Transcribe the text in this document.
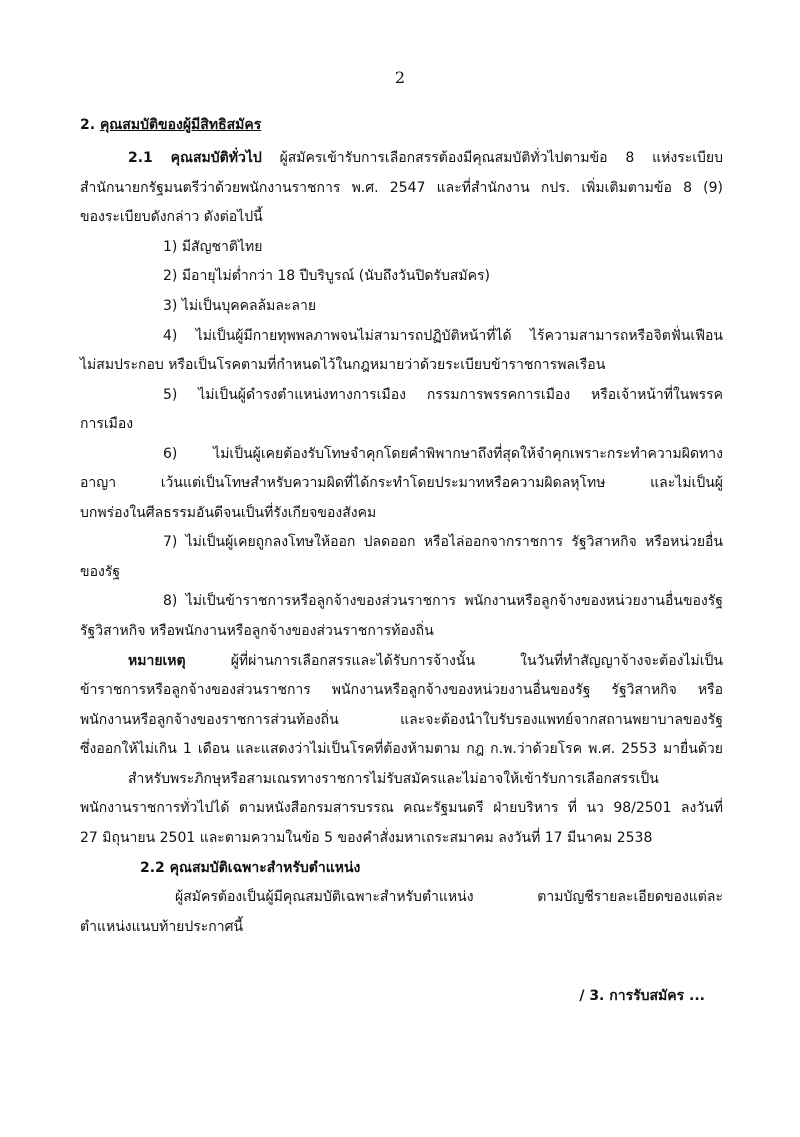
2
2. คุณสมบัติของผู้มีสิทธิสมัคร
2.1 คุณสมบัติทั่วไป ผู้สมัครเข้ารับการเลือกสรรต้องมีคุณสมบัติทั่วไปตามข้อ 8 แห่งระเบียบ
สำนักนายกรัฐมนตรีว่าด้วยพนักงานราชการ พ.ศ. 2547 และที่สำนักงาน กปร. เพิ่มเติมตามข้อ 8 (9)
ของระเบียบดังกล่าว ดังต่อไปนี้
1) มีสัญชาติไทย
2) มีอายุไม่ต่ำกว่า 18 ปีบริบูรณ์ (นับถึงวันปิดรับสมัคร)
3) ไม่เป็นบุคคลล้มละลาย
4) ไม่เป็นผู้มีกายทุพพลภาพจนไม่สามารถปฏิบัติหน้าที่ได้ ไร้ความสามารถหรือจิตฟั่นเฟือน
ไม่สมประกอบ หรือเป็นโรคตามที่กำหนดไว้ในกฎหมายว่าด้วยระเบียบข้าราชการพลเรือน
5) ไม่เป็นผู้ดำรงตำแหน่งทางการเมือง กรรมการพรรคการเมือง หรือเจ้าหน้าที่ในพรรค
การเมือง
6) ไม่เป็นผู้เคยต้องรับโทษจำคุกโดยคำพิพากษาถึงที่สุดให้จำคุกเพราะกระทำความผิดทาง
อาญา เว้นแต่เป็นโทษสำหรับความผิดที่ได้กระทำโดยประมาทหรือความผิดลหุโทษ และไม่เป็นผู้
บกพร่องในศีลธรรมอันดีจนเป็นที่รังเกียจของสังคม
7) ไม่เป็นผู้เคยถูกลงโทษให้ออก ปลดออก หรือไล่ออกจากราชการ รัฐวิสาหกิจ หรือหน่วยอื่น
ของรัฐ
8) ไม่เป็นข้าราชการหรือลูกจ้างของส่วนราชการ พนักงานหรือลูกจ้างของหน่วยงานอื่นของรัฐ
รัฐวิสาหกิจ หรือพนักงานหรือลูกจ้างของส่วนราชการท้องถิ่น
หมายเหตุ	ผู้ที่ผ่านการเลือกสรรและได้รับการจ้างนั้น ในวันที่ทำสัญญาจ้างจะต้องไม่เป็น
ข้าราชการหรือลูกจ้างของส่วนราชการ พนักงานหรือลูกจ้างของหน่วยงานอื่นของรัฐ รัฐวิสาหกิจ หรือ
พนักงานหรือลูกจ้างของราชการส่วนท้องถิ่น และจะต้องนำใบรับรองแพทย์จากสถานพยาบาลของรัฐ
ซึ่งออกให้ไม่เกิน 1 เดือน และแสดงว่าไม่เป็นโรคที่ต้องห้ามตาม กฎ ก.พ.ว่าด้วยโรค พ.ศ. 2553 มายื่นด้วย
สำหรับพระภิกษุหรือสามเณรทางราชการไม่รับสมัครและไม่อาจให้เข้ารับการเลือกสรรเป็น
พนักงานราชการทั่วไปได้ ตามหนังสือกรมสารบรรณ คณะรัฐมนตรี ฝ่ายบริหาร ที่ นว 98/2501 ลงวันที่
27 มิถุนายน 2501 และตามความในข้อ 5 ของคำสั่งมหาเถระสมาคม ลงวันที่ 17 มีนาคม 2538
2.2 คุณสมบัติเฉพาะสำหรับตำแหน่ง
ผู้สมัครต้องเป็นผู้มีคุณสมบัติเฉพาะสำหรับตำแหน่ง ตามบัญชีรายละเอียดของแต่ละ
ตำแหน่งแนบท้ายประกาศนี้
/ 3. การรับสมัคร ...
